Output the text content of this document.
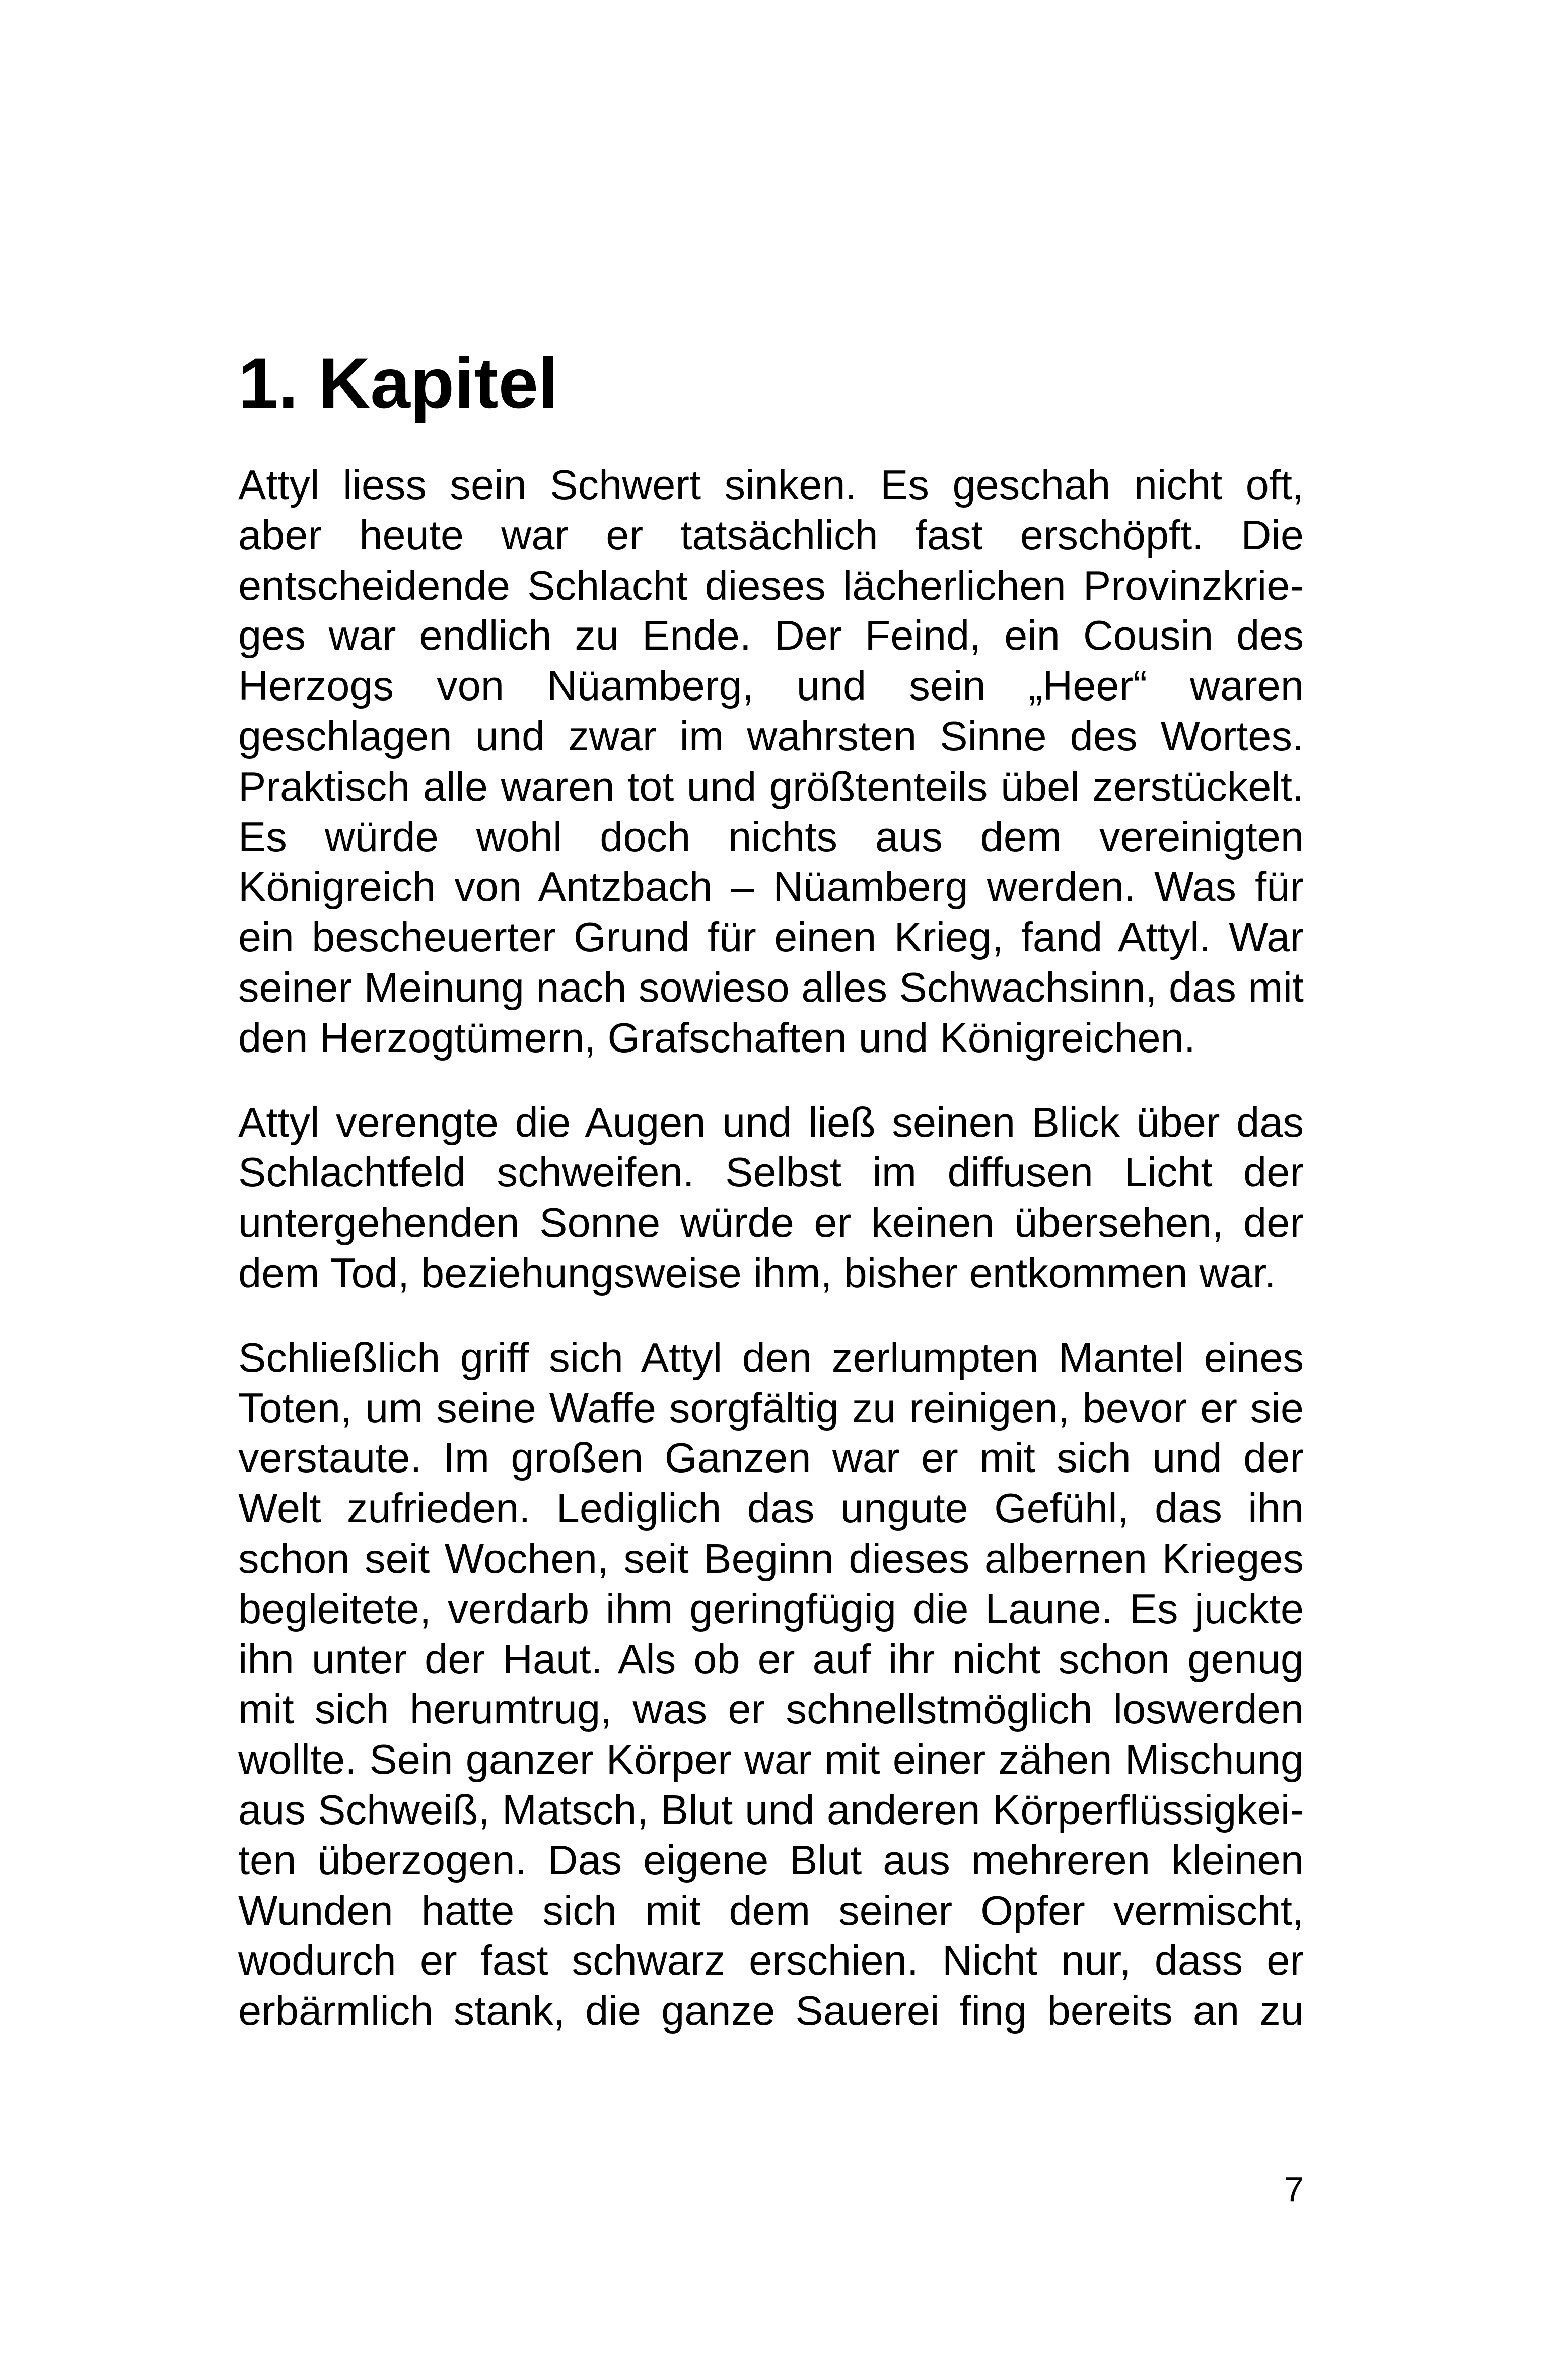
1. Kapitel

Attyl liess sein Schwert sinken. Es geschah nicht oft, aber heute war er tatsächlich fast erschöpft. Die entscheidende Schlacht dieses lächerlichen Provinzkrieges war endlich zu Ende. Der Feind, ein Cousin des Herzogs von Nüamberg, und sein „Heer“ waren geschlagen und zwar im wahrsten Sinne des Wortes. Praktisch alle waren tot und größtenteils übel zerstückelt. Es würde wohl doch nichts aus dem vereinigten Königreich von Antzbach – Nüamberg werden. Was für ein bescheuerter Grund für einen Krieg, fand Attyl. War seiner Meinung nach sowieso alles Schwachsinn, das mit den Herzogtümern, Grafschaften und Königreichen.

Attyl verengte die Augen und ließ seinen Blick über das Schlachtfeld schweifen. Selbst im diffusen Licht der untergehenden Sonne würde er keinen übersehen, der dem Tod, beziehungsweise ihm, bisher entkommen war.

Schließlich griff sich Attyl den zerlumpten Mantel eines Toten, um seine Waffe sorgfältig zu reinigen, bevor er sie verstaute. Im großen Ganzen war er mit sich und der Welt zufrieden. Lediglich das ungute Gefühl, das ihn schon seit Wochen, seit Beginn dieses albernen Krieges begleitete, verdarb ihm geringfügig die Laune. Es juckte ihn unter der Haut. Als ob er auf ihr nicht schon genug mit sich herumtrug, was er schnellstmöglich loswerden wollte. Sein ganzer Körper war mit einer zähen Mischung aus Schweiß, Matsch, Blut und anderen Körperflüssigkeiten überzogen. Das eigene Blut aus mehreren kleinen Wunden hatte sich mit dem seiner Opfer vermischt, wodurch er fast schwarz erschien. Nicht nur, dass er erbärmlich stank, die ganze Sauerei fing bereits an zu

7
